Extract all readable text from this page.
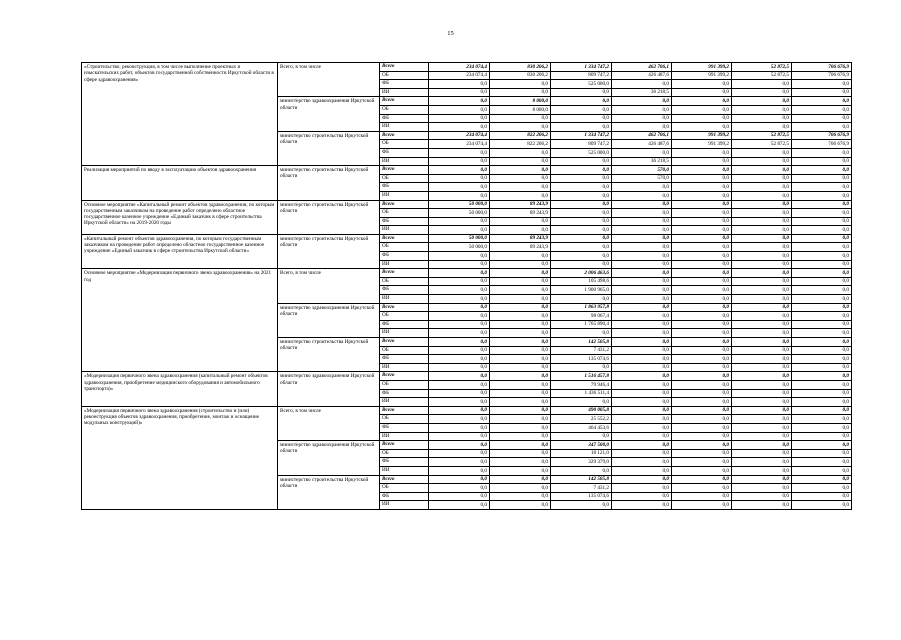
15
«Строительство, реконструкция, в том числе выполнение проектных и изыскательских работ, объектов государственной собственности Иркутской области в сфере здравоохранения»	Всего, в том числе	Всего	234 074,4	830 206,2	1 334 747,2	462 706,1	991 399,2	52 872,5	706 676,9
		ОБ	234 074,4	830 206,2	809 747,2	426 487,6	991 399,2	52 872,5	706 676,9
		ФБ	0,0	0,0	525 000,0	0,0	0,0	0,0	0,0
		ИИ	0,0	0,0	0,0	36 218,5	0,0	0,0	0,0
	министерство здравоохранения Иркутской области	Всего	0,0	8 000,0	0,0	0,0	0,0	0,0	0,0
		ОБ	0,0	8 000,0	0,0	0,0	0,0	0,0	0,0
		ФБ	0,0	0,0	0,0	0,0	0,0	0,0	0,0
		ИИ	0,0	0,0	0,0	0,0	0,0	0,0	0,0
	министерство строительства Иркутской области	Всего	234 074,4	822 206,2	1 334 747,2	462 706,1	991 399,2	52 872,5	706 676,9
		ОБ	234 074,4	822 206,2	809 747,2	426 487,6	991 399,2	52 872,5	706 676,9
		ФБ	0,0	0,0	525 000,0	0,0	0,0	0,0	0,0
		ИИ	0,0	0,0	0,0	36 218,5	0,0	0,0	0,0
Реализация мероприятий по вводу в эксплуатацию объектов здравоохранения	министерство строительства Иркутской области	Всего	0,0	0,0	0,0	570,0	0,0	0,0	0,0
		ОБ	0,0	0,0	0,0	570,0	0,0	0,0	0,0
		ФБ	0,0	0,0	0,0	0,0	0,0	0,0	0,0
		ИИ	0,0	0,0	0,0	0,0	0,0	0,0	0,0
Основное мероприятие «Капитальный ремонт объектов здравоохранения, по которым государственным заказчиком на проведение работ определено областное государственное казенное учреждение «Единый заказчик в сфере строительства Иркутской области» на 2019-2020 годы	министерство строительства Иркутской области	Всего	50 000,0	89 243,9	0,0	0,0	0,0	0,0	0,0
		ОБ	50 000,0	89 243,9	0,0	0,0	0,0	0,0	0,0
		ФБ	0,0	0,0	0,0	0,0	0,0	0,0	0,0
		ИИ	0,0	0,0	0,0	0,0	0,0	0,0	0,0
«Капитальный ремонт объектов здравоохранения, по которым государственным заказчиком на проведение работ определено областное государственное казенное учреждение «Единый заказчик в сфере строительства Иркутской области»	министерство строительства Иркутской области	Всего	50 000,0	89 243,9	0,0	0,0	0,0	0,0	0,0
		ОБ	50 000,0	89 243,9	0,0	0,0	0,0	0,0	0,0
		ФБ	0,0	0,0	0,0	0,0	0,0	0,0	0,0
		ИИ	0,0	0,0	0,0	0,0	0,0	0,0	0,0
Основное мероприятие «Модернизация первичного звена здравоохранения» на 2021 год	Всего, в том числе	Всего	0,0	0,0	2 006 463,6	0,0	0,0	0,0	0,0
		ОБ	0,0	0,0	105 498,6	0,0	0,0	0,0	0,0
		ФБ	0,0	0,0	1 900 965,0	0,0	0,0	0,0	0,0
		ИИ	0,0	0,0	0,0	0,0	0,0	0,0	0,0
	министерство здравоохранения Иркутской области	Всего	0,0	0,0	1 863 957,8	0,0	0,0	0,0	0,0
		ОБ	0,0	0,0	98 067,4	0,0	0,0	0,0	0,0
		ФБ	0,0	0,0	1 765 890,4	0,0	0,0	0,0	0,0
		ИИ	0,0	0,0	0,0	0,0	0,0	0,0	0,0
	министерство строительства Иркутской области	Всего	0,0	0,0	142 505,8	0,0	0,0	0,0	0,0
		ОБ	0,0	0,0	7 431,2	0,0	0,0	0,0	0,0
		ФБ	0,0	0,0	135 074,6	0,0	0,0	0,0	0,0
		ИИ	0,0	0,0	0,0	0,0	0,0	0,0	0,0
«Модернизация первичного звена здравоохранения (капитальный ремонт объектов здравоохранения, приобретение медицинского оборудования и автомобильного транспорта)»	министерство здравоохранения Иркутской области	Всего	0,0	0,0	1 516 457,8	0,0	0,0	0,0	0,0
		ОБ	0,0	0,0	79 946,4	0,0	0,0	0,0	0,0
		ФБ	0,0	0,0	1 436 511,4	0,0	0,0	0,0	0,0
		ИИ	0,0	0,0	0,0	0,0	0,0	0,0	0,0
«Модернизация первичного звена здравоохранения (строительство и (или) реконструкция объектов здравоохранения, приобретение, монтаж и оснащение модульных конструкций)»	Всего, в том числе	Всего	0,0	0,0	490 005,8	0,0	0,0	0,0	0,0
		ОБ	0,0	0,0	25 552,2	0,0	0,0	0,0	0,0
		ФБ	0,0	0,0	464 453,6	0,0	0,0	0,0	0,0
		ИИ	0,0	0,0	0,0	0,0	0,0	0,0	0,0
	министерство здравоохранения Иркутской области	Всего	0,0	0,0	347 500,0	0,0	0,0	0,0	0,0
		ОБ	0,0	0,0	18 121,0	0,0	0,0	0,0	0,0
		ФБ	0,0	0,0	329 379,0	0,0	0,0	0,0	0,0
		ИИ	0,0	0,0	0,0	0,0	0,0	0,0	0,0
	министерство строительства Иркутской области	Всего	0,0	0,0	142 505,8	0,0	0,0	0,0	0,0
		ОБ	0,0	0,0	7 431,2	0,0	0,0	0,0	0,0
		ФБ	0,0	0,0	135 074,6	0,0	0,0	0,0	0,0
		ИИ	0,0	0,0	0,0	0,0	0,0	0,0	0,0
